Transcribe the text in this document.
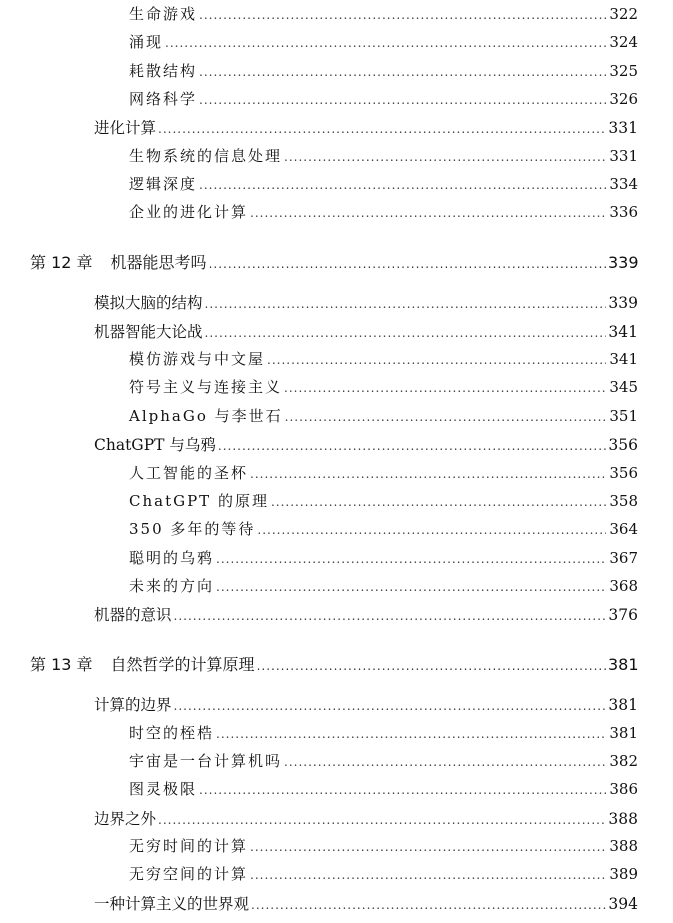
生命游戏 .....	322
涌现 .....	324
耗散结构 .....	325
网络科学 .....	326
进化计算 .....	331
生物系统的信息处理 .....	331
逻辑深度 .....	334
企业的进化计算 .....	336
第 12 章 机器能思考吗 .....	339
模拟大脑的结构 .....	339
机器智能大论战 .....	341
模仿游戏与中文屋 .....	341
符号主义与连接主义 .....	345
AlphaGo 与李世石 .....	351
ChatGPT 与乌鸦 .....	356
人工智能的圣杯 .....	356
ChatGPT 的原理 .....	358
350 多年的等待 .....	364
聪明的乌鸦 .....	367
未来的方向 .....	368
机器的意识 .....	376
第 13 章 自然哲学的计算原理 .....	381
计算的边界 .....	381
时空的桎梏 .....	381
宇宙是一台计算机吗 .....	382
图灵极限 .....	386
边界之外 .....	388
无穷时间的计算 .....	388
无穷空间的计算 .....	389
一种计算主义的世界观 .....	394
